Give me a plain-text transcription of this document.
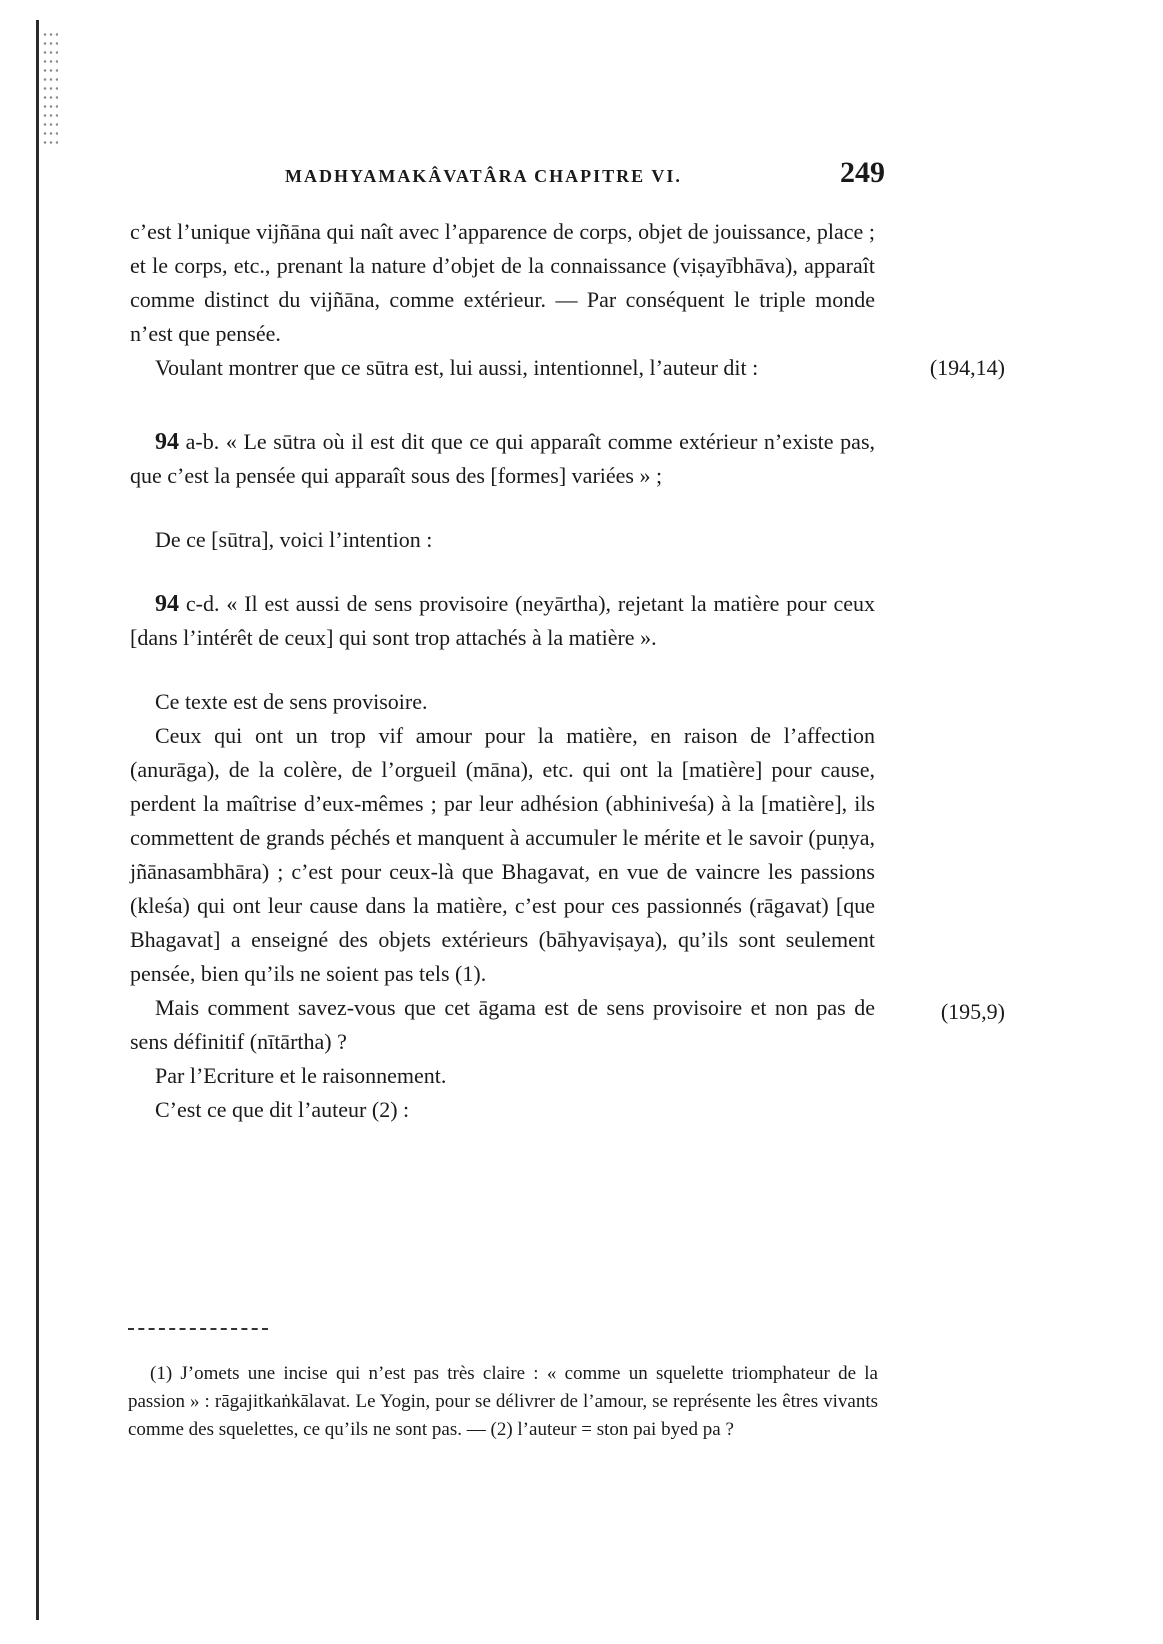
MADHYAMAKÂVATÂRA CHAPITRE VI.	249

c’est l’unique vijñāna qui naît avec l’apparence de corps, objet de jouissance, place ; et le corps, etc., prenant la nature d’objet de la connaissance (viṣayībhāva), apparaît comme distinct du vijñāna, comme extérieur. — Par conséquent le triple monde n’est que pensée.

Voulant montrer que ce sūtra est, lui aussi, intentionnel, l’auteur dit :	(194,14)

94 a-b. « Le sūtra où il est dit que ce qui apparaît comme extérieur n’existe pas, que c’est la pensée qui apparaît sous des [formes] variées » ;

De ce [sūtra], voici l’intention :

94 c-d. « Il est aussi de sens provisoire (neyārtha), rejetant la matière pour ceux [dans l’intérêt de ceux] qui sont trop attachés à la matière ».

Ce texte est de sens provisoire.

Ceux qui ont un trop vif amour pour la matière, en raison de l’affection (anurāga), de la colère, de l’orgueil (māna), etc. qui ont la [matière] pour cause, perdent la maîtrise d’eux-mêmes ; par leur adhésion (abhiniveśa) à la [matière], ils commettent de grands péchés et manquent à accumuler le mérite et le savoir (puṇya, jñānasambhāra) ; c’est pour ceux-là que Bhagavat, en vue de vaincre les passions (kleśa) qui ont leur cause dans la matière, c’est pour ces passionnés (rāgavat) [que Bhagavat] a enseigné des objets extérieurs (bāhyaviṣaya), qu’ils sont seulement pensée, bien qu’ils ne soient pas tels (1).

Mais comment savez-vous que cet āgama est de sens provisoire et non pas de sens définitif (nītārtha) ?
(195,9)

Par l’Ecriture et le raisonnement.

C’est ce que dit l’auteur (2) :

(1) J’omets une incise qui n’est pas très claire : « comme un squelette triomphateur de la passion » : rāgajitkaṅkālavat. Le Yogin, pour se délivrer de l’amour, se représente les êtres vivants comme des squelettes, ce qu’ils ne sont pas. — (2) l’auteur = ston pai byed pa ?
